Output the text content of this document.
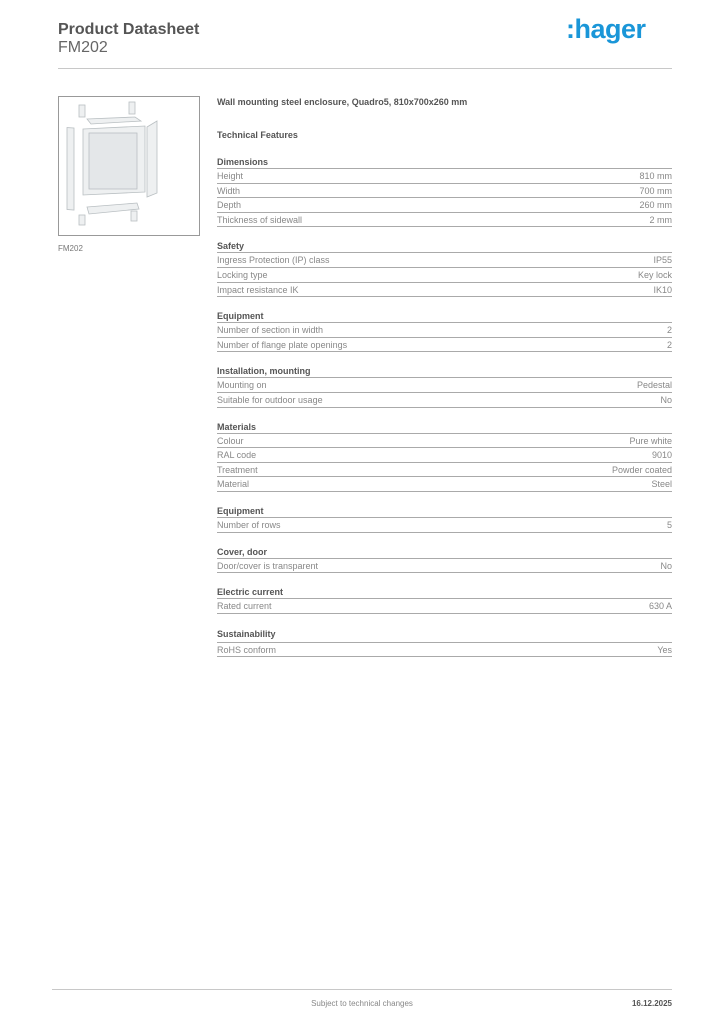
Product Datasheet
FM202
:hager
FM202
Wall mounting steel enclosure, Quadro5, 810x700x260 mm
Technical Features
Dimensions
Height	810 mm
Width	700 mm
Depth	260 mm
Thickness of sidewall	2 mm
Safety
Ingress Protection (IP) class	IP55
Locking type	Key lock
Impact resistance IK	IK10
Equipment
Number of section in width	2
Number of flange plate openings	2
Installation, mounting
Mounting on	Pedestal
Suitable for outdoor usage	No
Materials
Colour	Pure white
RAL code	9010
Treatment	Powder coated
Material	Steel
Equipment
Number of rows	5
Cover, door
Door/cover is transparent	No
Electric current
Rated current	630 A
Sustainability
RoHS conform	Yes
Subject to technical changes	16.12.2025
